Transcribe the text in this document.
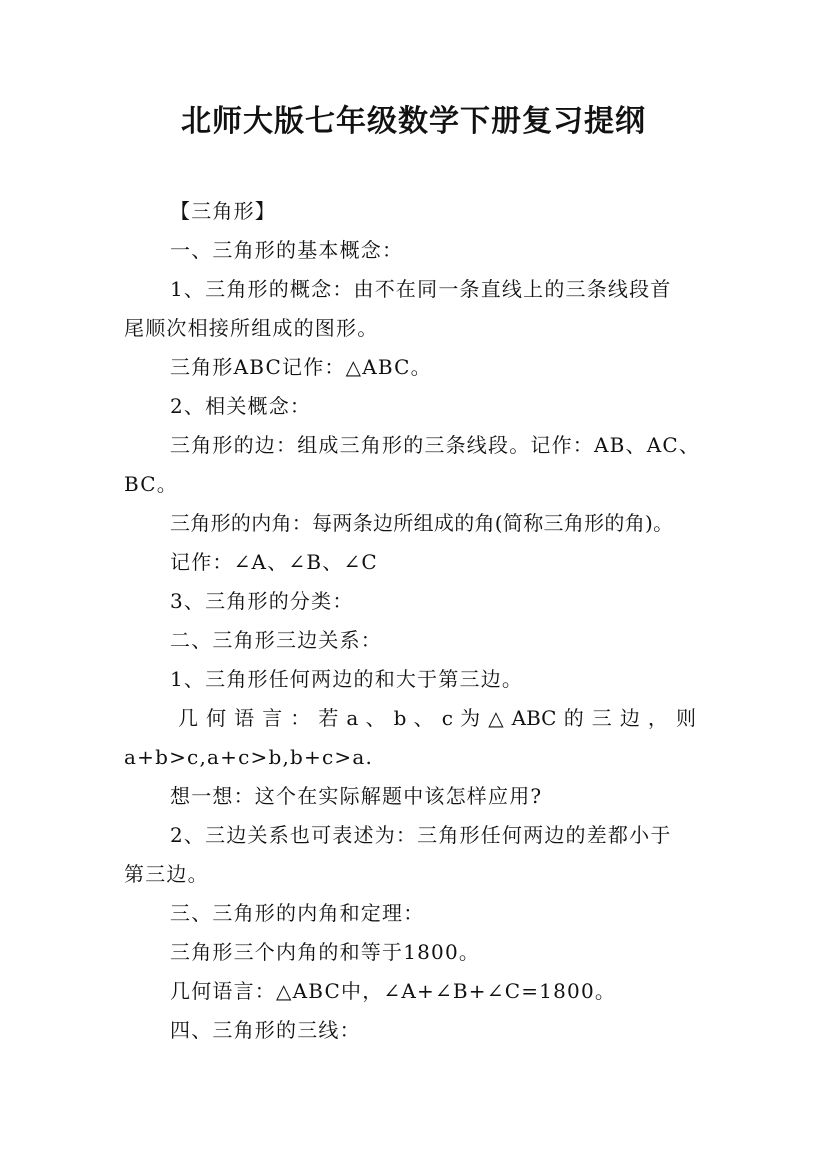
北师大版七年级数学下册复习提纲

【三角形】

一、三角形的基本概念：

1、三角形的概念：由不在同一条直线上的三条线段首

尾顺次相接所组成的图形。

三角形ABC记作：△ABC。

2、相关概念：

三角形的边：组成三角形的三条线段。记作：AB、AC、

BC。

三角形的内角：每两条边所组成的角(简称三角形的角)。

记作：∠A、∠B、∠C

3、三角形的分类：

二、三角形三边关系：

1、三角形任何两边的和大于第三边。

几 何 语 言 ： 若 a 、 b 、 c 为 △ ABC 的 三 边 ， 则

a+b>c,a+c>b,b+c>a.

想一想：这个在实际解题中该怎样应用?

2、三边关系也可表述为：三角形任何两边的差都小于

第三边。

三、三角形的内角和定理：

三角形三个内角的和等于1800。

几何语言：△ABC中，∠A+∠B+∠C=1800。

四、三角形的三线：
